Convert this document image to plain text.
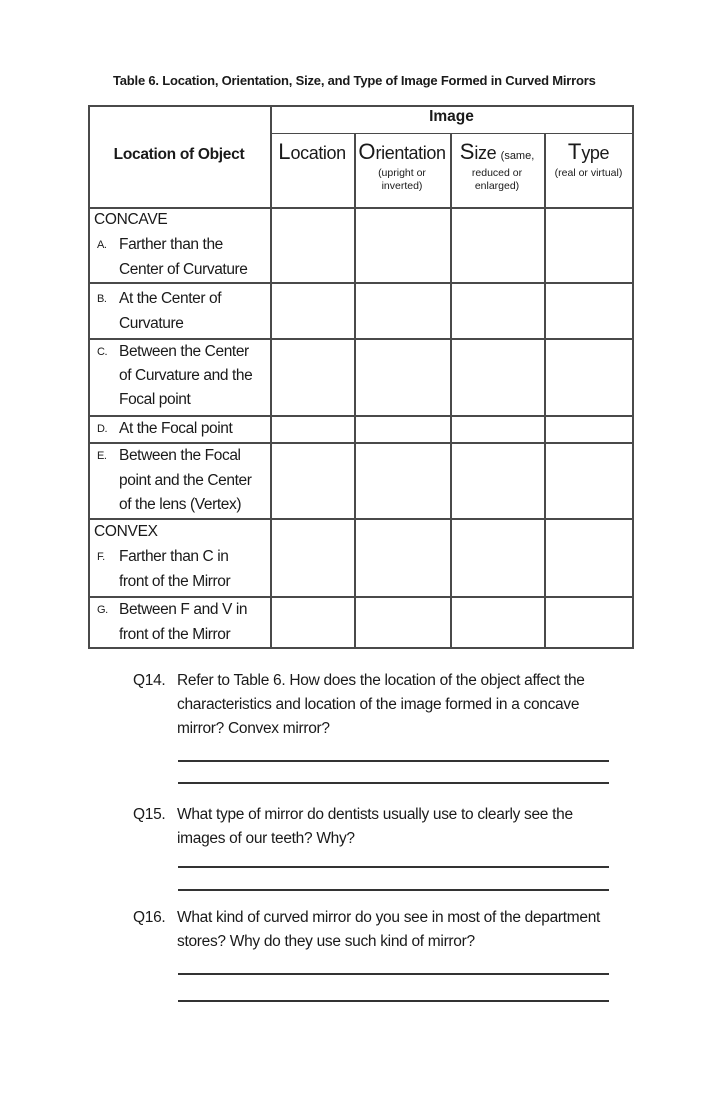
Table 6. Location, Orientation, Size, and Type of Image Formed in Curved Mirrors
Image
Location of Object	Location Orientation
(upright or inverted)
Size (same,
reduced or enlarged)
Type
(real or virtual)
CONCAVE
A. Farther than the
Center of Curvature
B. At the Center of
Curvature
C. Between the Center
of Curvature and the
Focal point
D. At the Focal point
E. Between the Focal
point and the Center
of the lens (Vertex)
CONVEX
F. Farther than C in
front of the Mirror
G. Between F and V in
front of the Mirror
Q14. Refer to Table 6. How does the location of the object affect the
characteristics and location of the image formed in a concave
mirror? Convex mirror?
Q15. What type of mirror do dentists usually use to clearly see the
images of our teeth? Why?
Q16. What kind of curved mirror do you see in most of the department
stores? Why do they use such kind of mirror?
